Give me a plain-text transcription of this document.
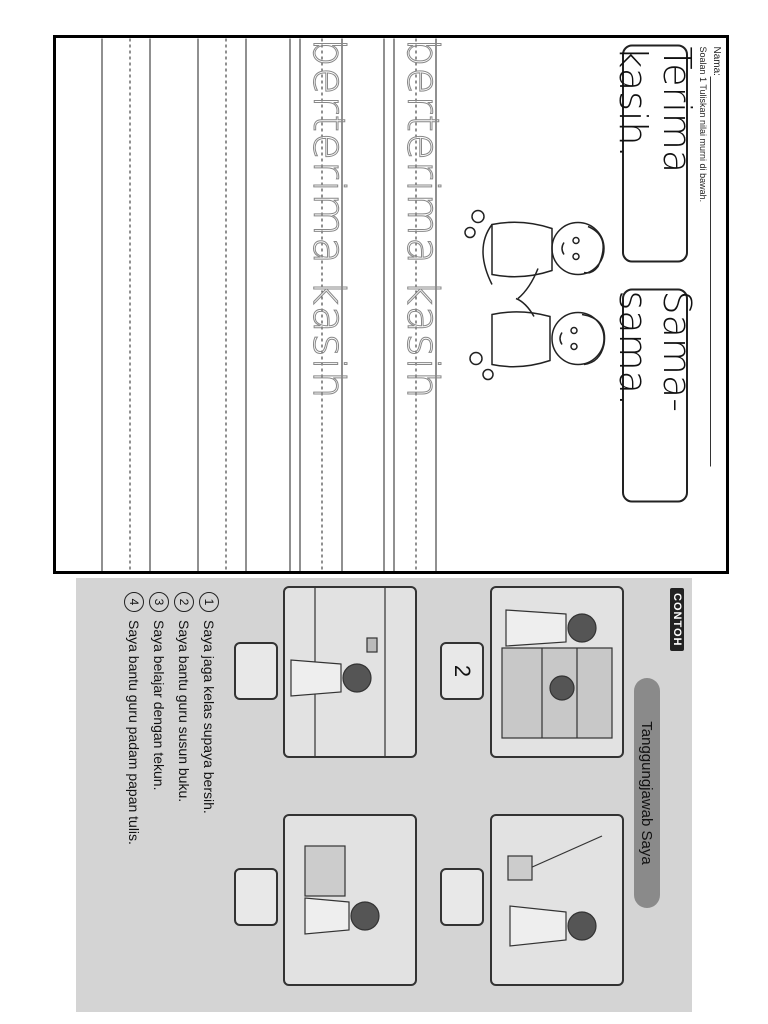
Nama:
Soalan 1 Tuliskan nilai murni di bawah.
Terima kasih.
Sama-sama.
berterima kasih
berterima kasih
CONTOH
Tanggungjawab Saya
2
1
Saya jaga kelas supaya bersih.
2
Saya bantu guru susun buku.
3
Saya belajar dengan tekun.
4
Saya bantu guru padam papan tulis.
